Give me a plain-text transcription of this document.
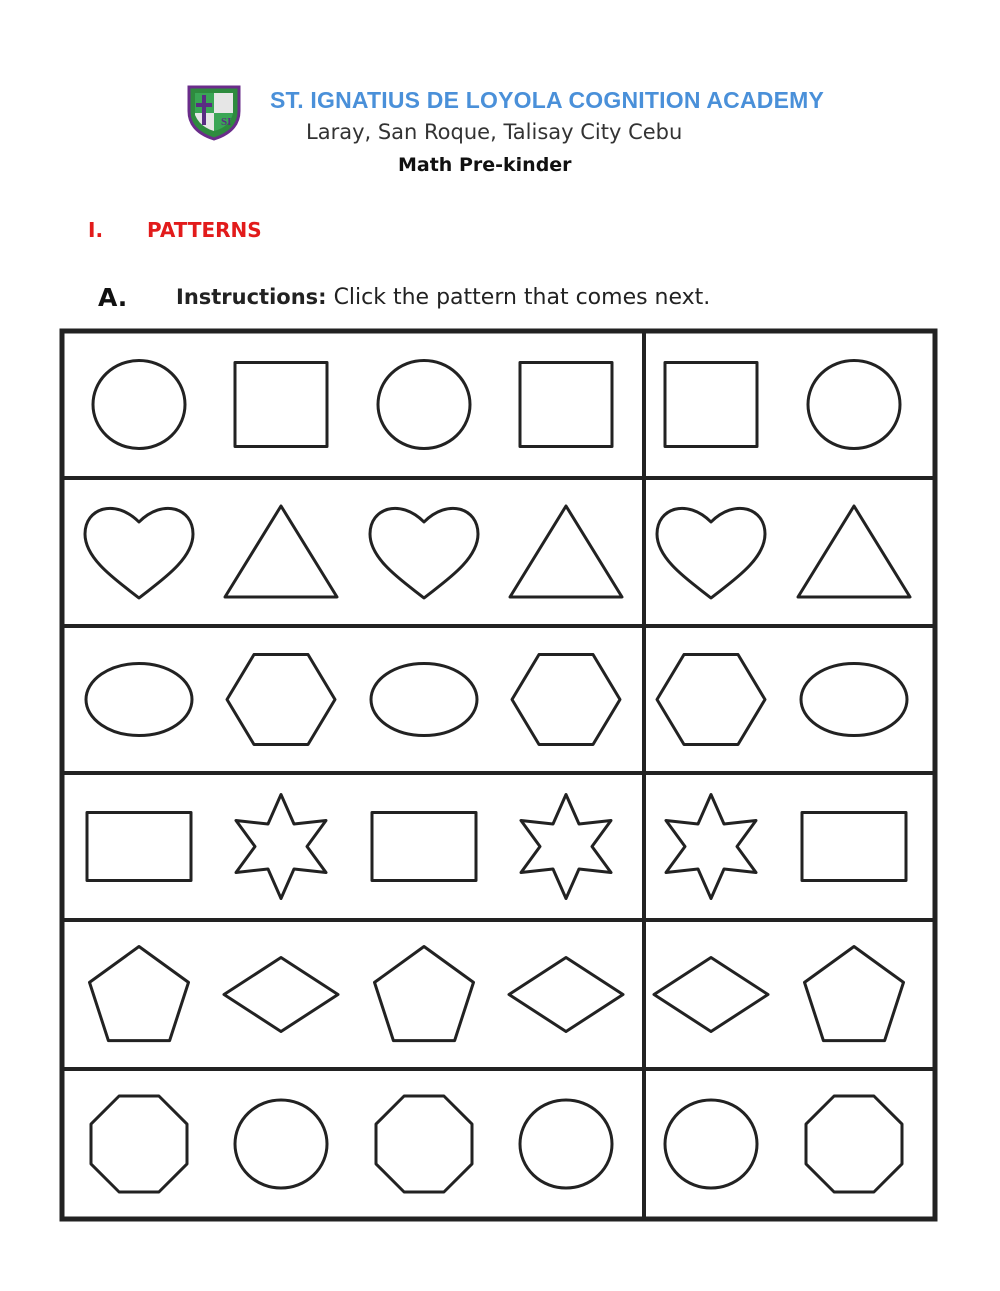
SI
ST. IGNATIUS DE LOYOLA COGNITION ACADEMY
Laray, San Roque, Talisay City Cebu
Math Pre-kinder
I. PATTERNS
A. Instructions: Click the pattern that comes next.
